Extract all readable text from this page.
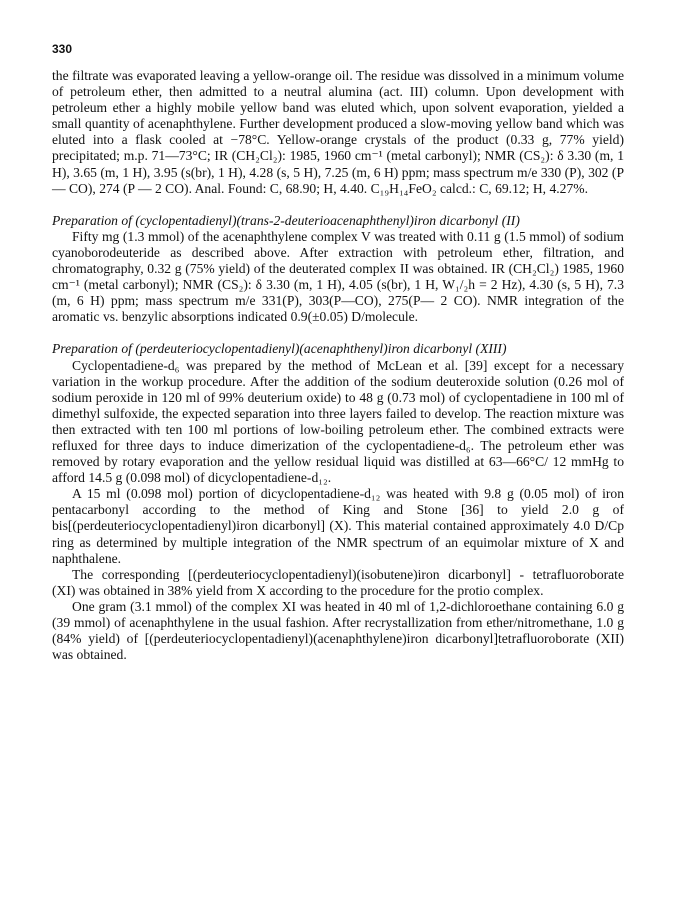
330

the filtrate was evaporated leaving a yellow-orange oil. The residue was dissolved in a minimum volume of petroleum ether, then admitted to a neutral alumina (act. III) column. Upon development with petroleum ether a highly mobile yellow band was eluted which, upon solvent evaporation, yielded a small quantity of acenaphthylene. Further development produced a slow-moving yellow band which was eluted into a flask cooled at −78°C. Yellow-orange crystals of the product (0.33 g, 77% yield) precipitated; m.p. 71—73°C; IR (CH₂Cl₂): 1985, 1960 cm⁻¹ (metal carbonyl); NMR (CS₂): δ 3.30 (m, 1 H), 3.65 (m, 1 H), 3.95 (s(br), 1 H), 4.28 (s, 5 H), 7.25 (m, 6 H) ppm; mass spectrum m/e 330 (P), 302 (P — CO), 274 (P — 2 CO). Anal. Found: C, 68.90; H, 4.40. C₁₉H₁₄FeO₂ calcd.: C, 69.12; H, 4.27%.

Preparation of (cyclopentadienyl)(trans-2-deuterioacenaphthenyl)iron dicarbonyl (II)

Fifty mg (1.3 mmol) of the acenaphthylene complex V was treated with 0.11 g (1.5 mmol) of sodium cyanoborodeuteride as described above. After extraction with petroleum ether, filtration, and chromatography, 0.32 g (75% yield) of the deuterated complex II was obtained. IR (CH₂Cl₂) 1985, 1960 cm⁻¹ (metal carbonyl); NMR (CS₂): δ 3.30 (m, 1 H), 4.05 (s(br), 1 H, W₁/₂h = 2 Hz), 4.30 (s, 5 H), 7.3 (m, 6 H) ppm; mass spectrum m/e 331(P), 303(P—CO), 275(P— 2 CO). NMR integration of the aromatic vs. benzylic absorptions indicated 0.9(±0.05) D/molecule.

Preparation of (perdeuteriocyclopentadienyl)(acenaphthenyl)iron dicarbonyl (XIII)

Cyclopentadiene-d₆ was prepared by the method of McLean et al. [39] except for a necessary variation in the workup procedure. After the addition of the sodium deuteroxide solution (0.26 mol of sodium peroxide in 120 ml of 99% deuterium oxide) to 48 g (0.73 mol) of cyclopentadiene in 100 ml of dimethyl sulfoxide, the expected separation into three layers failed to develop. The reaction mixture was then extracted with ten 100 ml portions of low-boiling petroleum ether. The combined extracts were refluxed for three days to induce dimerization of the cyclopentadiene-d₆. The petroleum ether was removed by rotary evaporation and the yellow residual liquid was distilled at 63—66°C/ 12 mmHg to afford 14.5 g (0.098 mol) of dicyclopentadiene-d₁₂.

A 15 ml (0.098 mol) portion of dicyclopentadiene-d₁₂ was heated with 9.8 g (0.05 mol) of iron pentacarbonyl according to the method of King and Stone [36] to yield 2.0 g of bis[(perdeuteriocyclopentadienyl)iron dicarbonyl] (X). This material contained approximately 4.0 D/Cp ring as determined by multiple integration of the NMR spectrum of an equimolar mixture of X and naphthalene.

The corresponding [(perdeuteriocyclopentadienyl)(isobutene)iron dicarbonyl] - tetrafluoroborate (XI) was obtained in 38% yield from X according to the procedure for the protio complex.

One gram (3.1 mmol) of the complex XI was heated in 40 ml of 1,2-dichloroethane containing 6.0 g (39 mmol) of acenaphthylene in the usual fashion. After recrystallization from ether/nitromethane, 1.0 g (84% yield) of [(perdeuteriocyclopentadienyl)(acenaphthylene)iron dicarbonyl]tetrafluoroborate (XII) was obtained.
